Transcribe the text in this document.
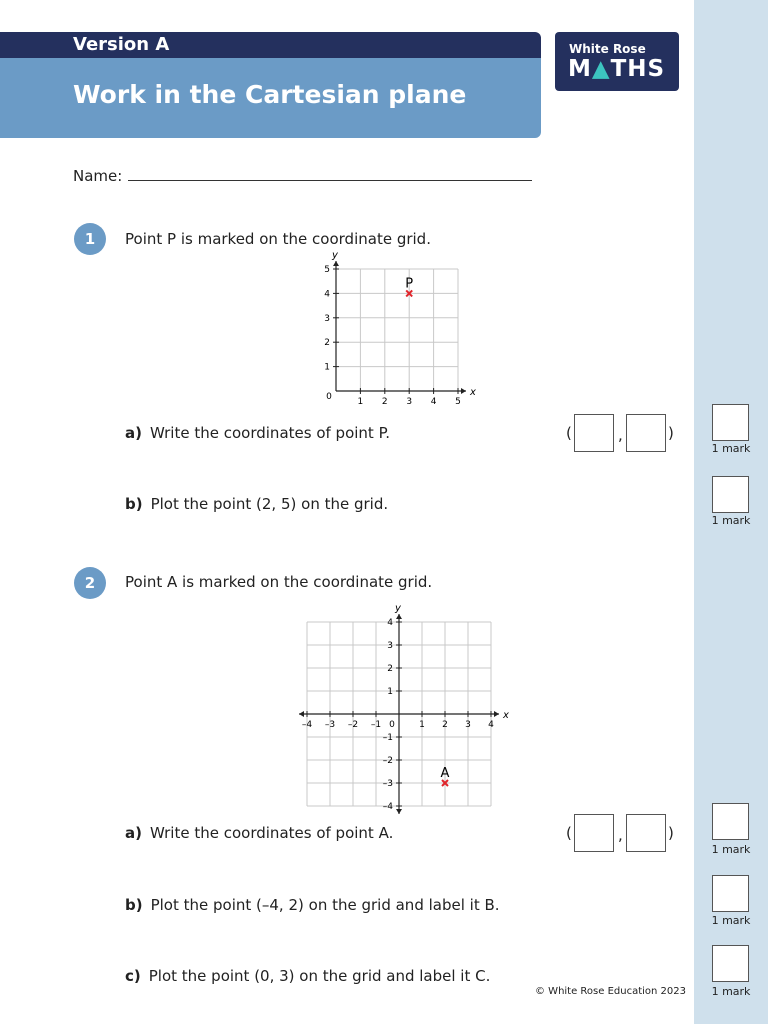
Version A
Work in the Cartesian plane
White Rose
M▲THS
Name:
1	Point P is marked on the coordinate grid.
x
y
0	1 2 3 4 5
1
2
3
4
5
P
a) Write the coordinates of point P.	(	,	)
1 mark
b) Plot the point (2, 5) on the grid.
1 mark
2	Point A is marked on the coordinate grid.
x
y
0
–4 –3 –2 –1	1 2 3 4
–4
–3
–2
–1
1
2
3
4
A
a) Write the coordinates of point A.	(	,	)
1 mark
b) Plot the point (–4, 2) on the grid and label it B.
1 mark
c) Plot the point (0, 3) on the grid and label it C.
1 mark
© White Rose Education 2023
